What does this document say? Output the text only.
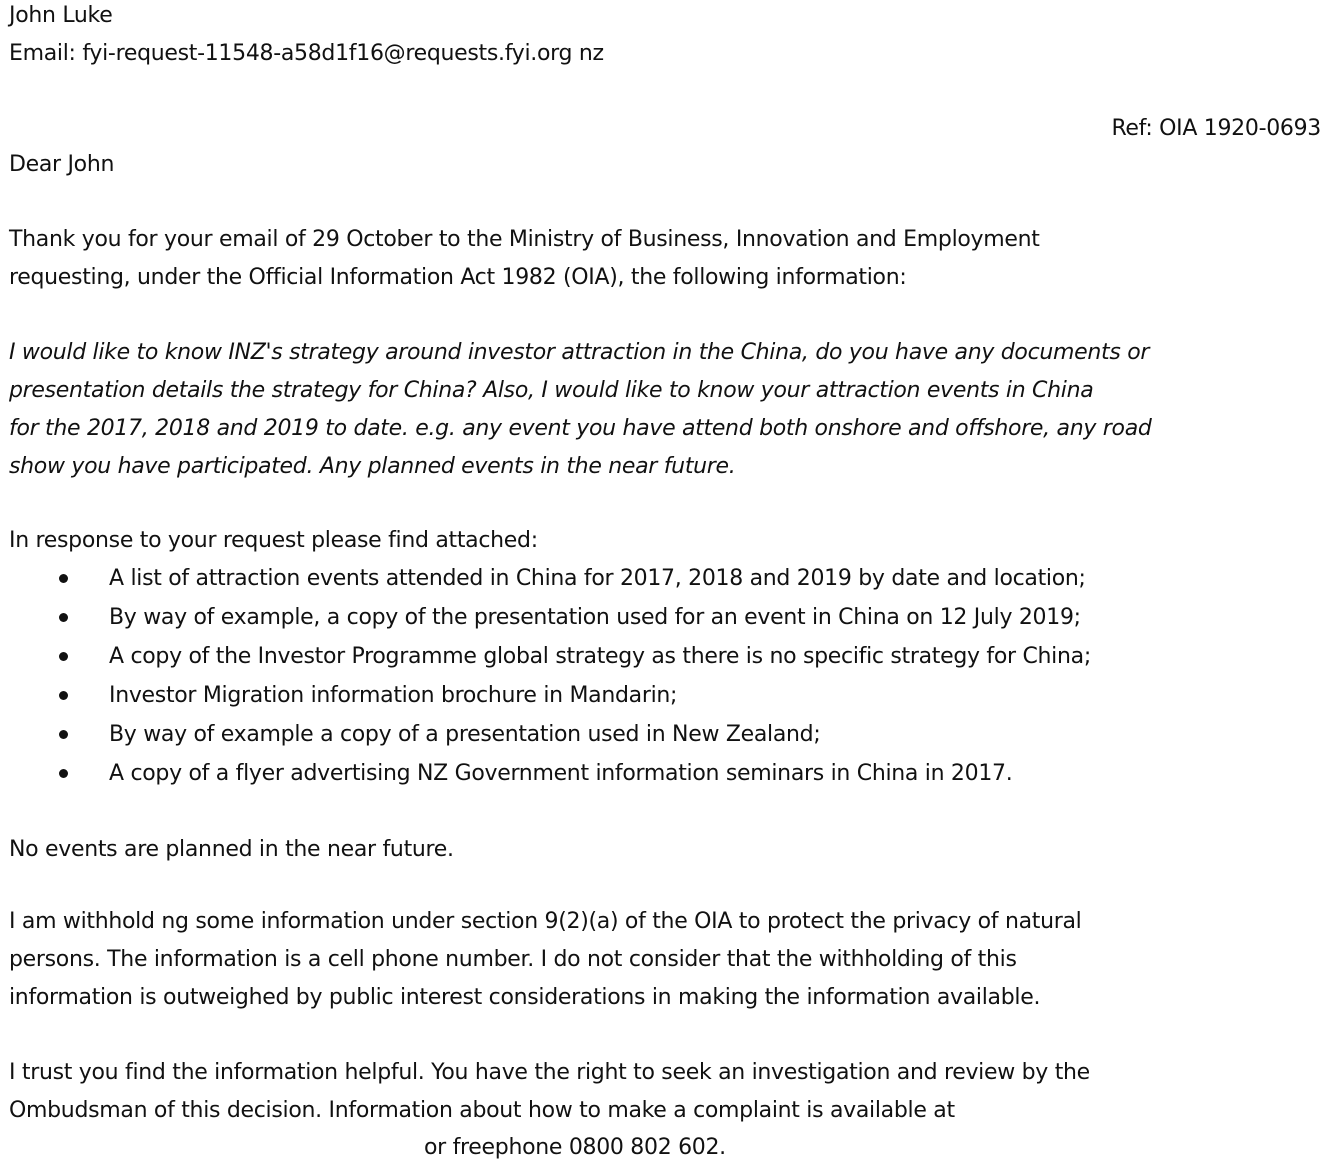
John Luke
Email: fyi-request-11548-a58d1f16@requests.fyi.org nz
Ref: OIA 1920-0693
Dear John
Thank you for your email of 29 October to the Ministry of Business, Innovation and Employment
requesting, under the Official Information Act 1982 (OIA), the following information:
I would like to know INZ's strategy around investor attraction in the China, do you have any documents or
presentation details the strategy for China? Also, I would like to know your attraction events in China
for the 2017, 2018 and 2019 to date. e.g. any event you have attend both onshore and offshore, any road
show you have participated. Any planned events in the near future.
In response to your request please find attached:
A list of attraction events attended in China for 2017, 2018 and 2019 by date and location;
By way of example, a copy of the presentation used for an event in China on 12 July 2019;
A copy of the Investor Programme global strategy as there is no specific strategy for China;
Investor Migration information brochure in Mandarin;
By way of example a copy of a presentation used in New Zealand;
A copy of a flyer advertising NZ Government information seminars in China in 2017.
No events are planned in the near future.
I am withhold ng some information under section 9(2)(a) of the OIA to protect the privacy of natural
persons. The information is a cell phone number. I do not consider that the withholding of this
information is outweighed by public interest considerations in making the information available.
I trust you find the information helpful. You have the right to seek an investigation and review by the
Ombudsman of this decision. Information about how to make a complaint is available at
or freephone 0800 802 602.
